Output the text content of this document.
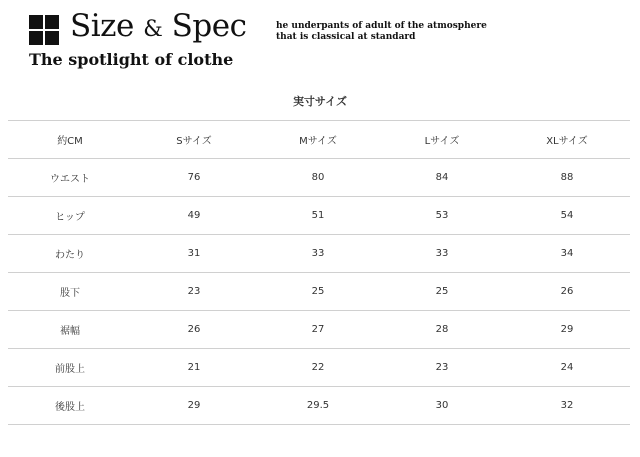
Size & Spec	he underpants of adult of the atmosphere
that is classical at standard
The spotlight of clothe
実寸サイズ
約CM	Sサイズ	Mサイズ	Lサイズ	XLサイズ
ウエスト	76	80	84	88
ヒップ	49	51	53	54
わたり	31	33	33	34
股下	23	25	25	26
裾幅	26	27	28	29
前股上	21	22	23	24
後股上	29	29.5	30	32
